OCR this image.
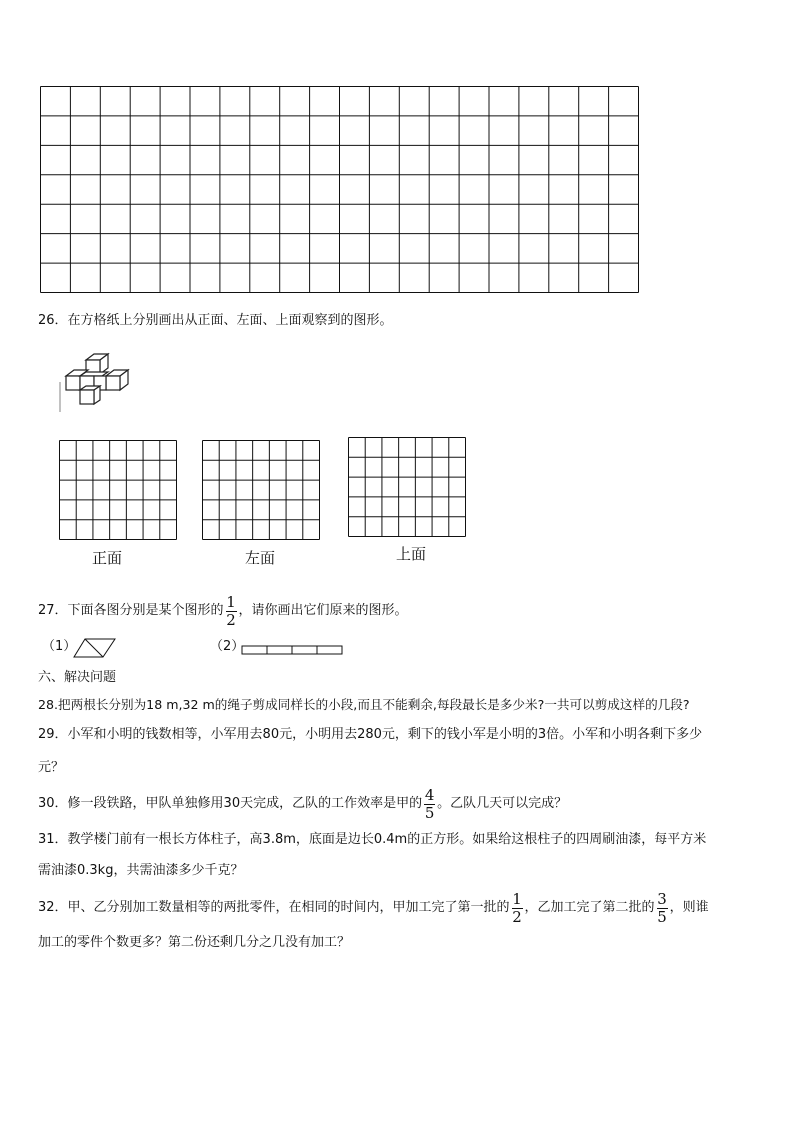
26．在方格纸上分别画出从正面、左面、上面观察到的图形。
正面	左面	上面
27．下面各图分别是某个图形的 $\frac{1}{2}$ ，请你画出它们原来的图形。
（1）	（2）
六、解决问题
28.把两根长分别为18 m,32 m的绳子剪成同样长的小段,而且不能剩余,每段最长是多少米?一共可以剪成这样的几段?
29．小军和小明的钱数相等，小军用去80元，小明用去280元，剩下的钱小军是小明的3倍。小军和小明各剩下多少
元？
30．修一段铁路，甲队单独修用30天完成，乙队的工作效率是甲的 $\frac{4}{5}$ 。乙队几天可以完成？
31．教学楼门前有一根长方体柱子，高3.8m，底面是边长0.4m的正方形。如果给这根柱子的四周刷油漆，每平方米
需油漆0.3kg，共需油漆多少千克？
32．甲、乙分别加工数量相等的两批零件，在相同的时间内，甲加工完了第一批的 $\frac{1}{2}$ ，乙加工完了第二批的 $\frac{3}{5}$ ，则谁
加工的零件个数更多？第二份还剩几分之几没有加工？
